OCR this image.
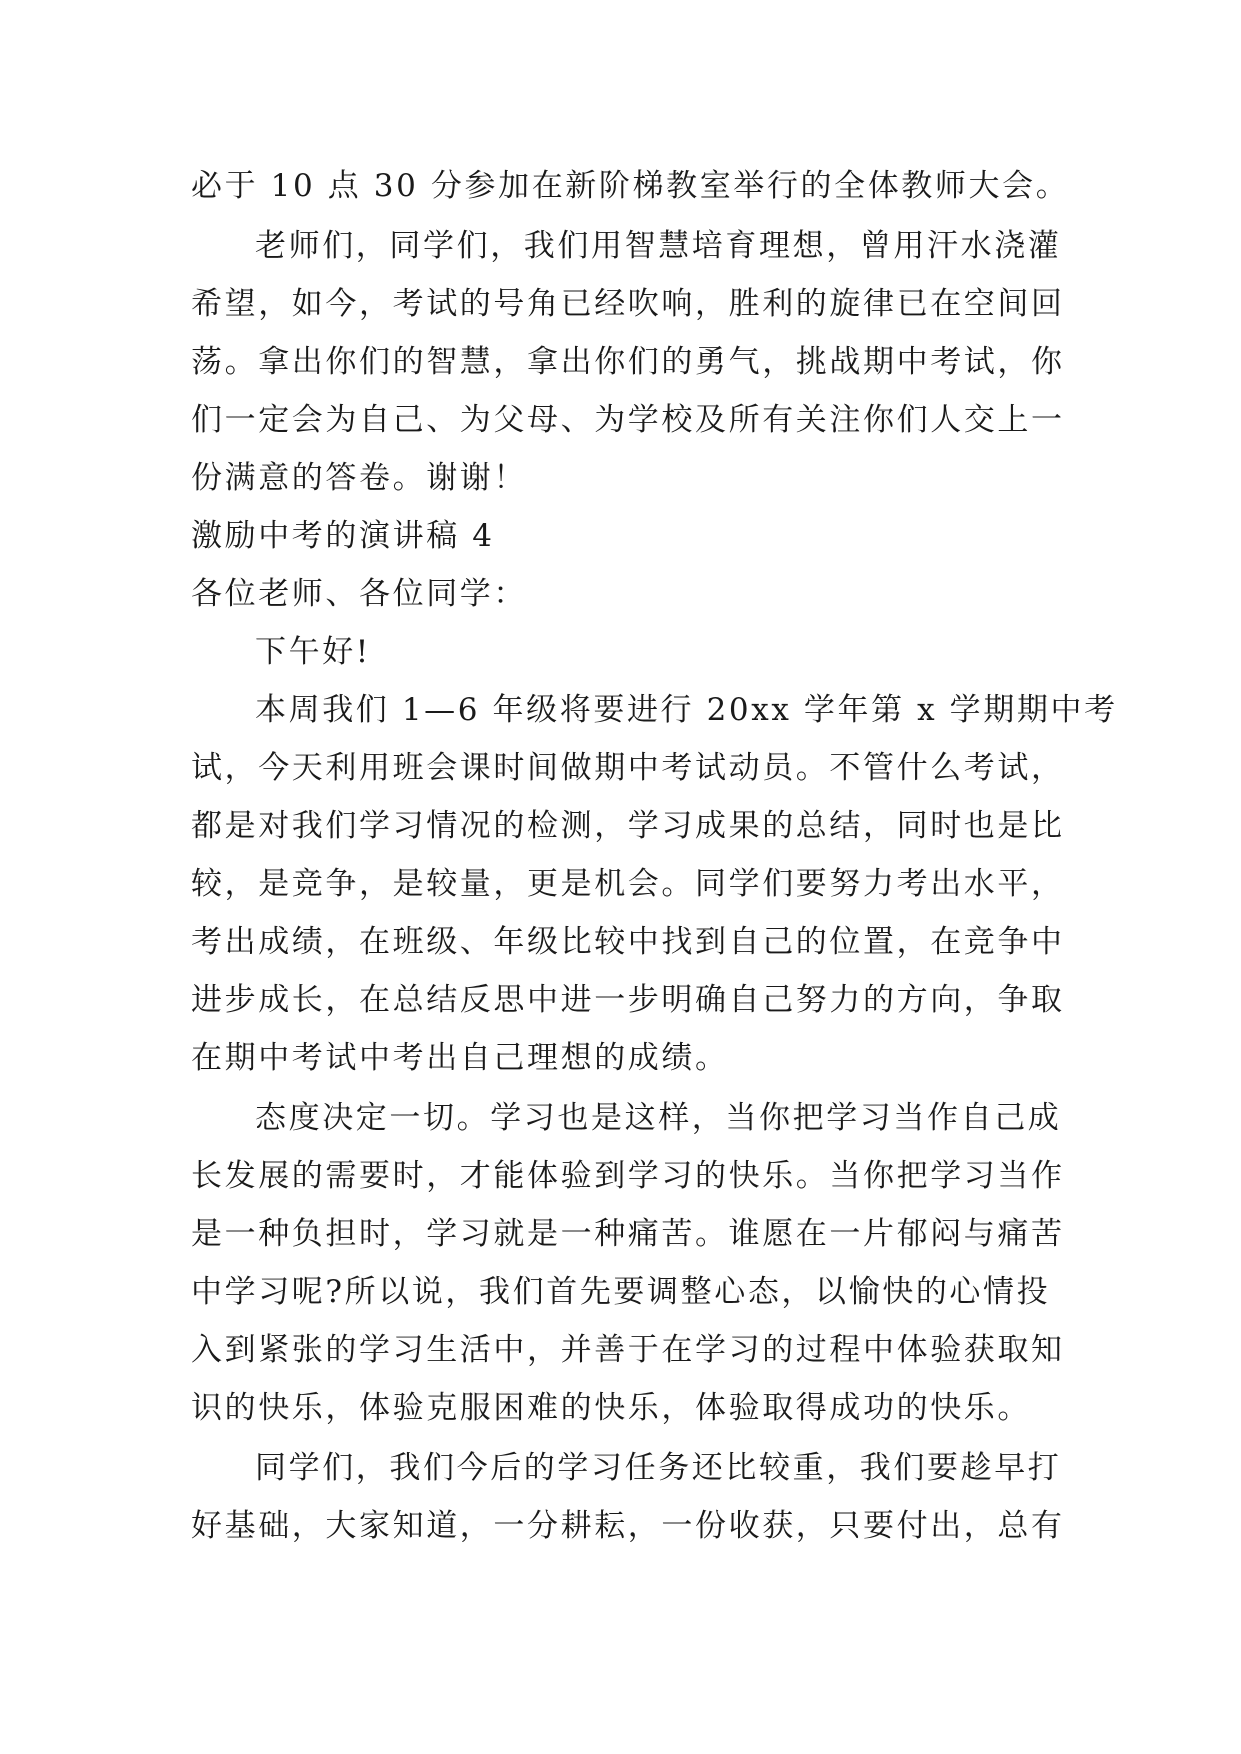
必于 10 点 30 分参加在新阶梯教室举行的全体教师大会。
老师们，同学们，我们用智慧培育理想，曾用汗水浇灌
希望，如今，考试的号角已经吹响，胜利的旋律已在空间回
荡。拿出你们的智慧，拿出你们的勇气，挑战期中考试，你
们一定会为自己、为父母、为学校及所有关注你们人交上一
份满意的答卷。谢谢！
激励中考的演讲稿 4
各位老师、各位同学：
下午好!
本周我们 1—6 年级将要进行 20xx 学年第 x 学期期中考
试，今天利用班会课时间做期中考试动员。不管什么考试，
都是对我们学习情况的检测，学习成果的总结，同时也是比
较，是竞争，是较量，更是机会。同学们要努力考出水平，
考出成绩，在班级、年级比较中找到自己的位置，在竞争中
进步成长，在总结反思中进一步明确自己努力的方向，争取
在期中考试中考出自己理想的成绩。
态度决定一切。学习也是这样，当你把学习当作自己成
长发展的需要时，才能体验到学习的快乐。当你把学习当作
是一种负担时，学习就是一种痛苦。谁愿在一片郁闷与痛苦
中学习呢?所以说，我们首先要调整心态，以愉快的心情投
入到紧张的学习生活中，并善于在学习的过程中体验获取知
识的快乐，体验克服困难的快乐，体验取得成功的快乐。
同学们，我们今后的学习任务还比较重，我们要趁早打
好基础，大家知道，一分耕耘，一份收获，只要付出，总有
